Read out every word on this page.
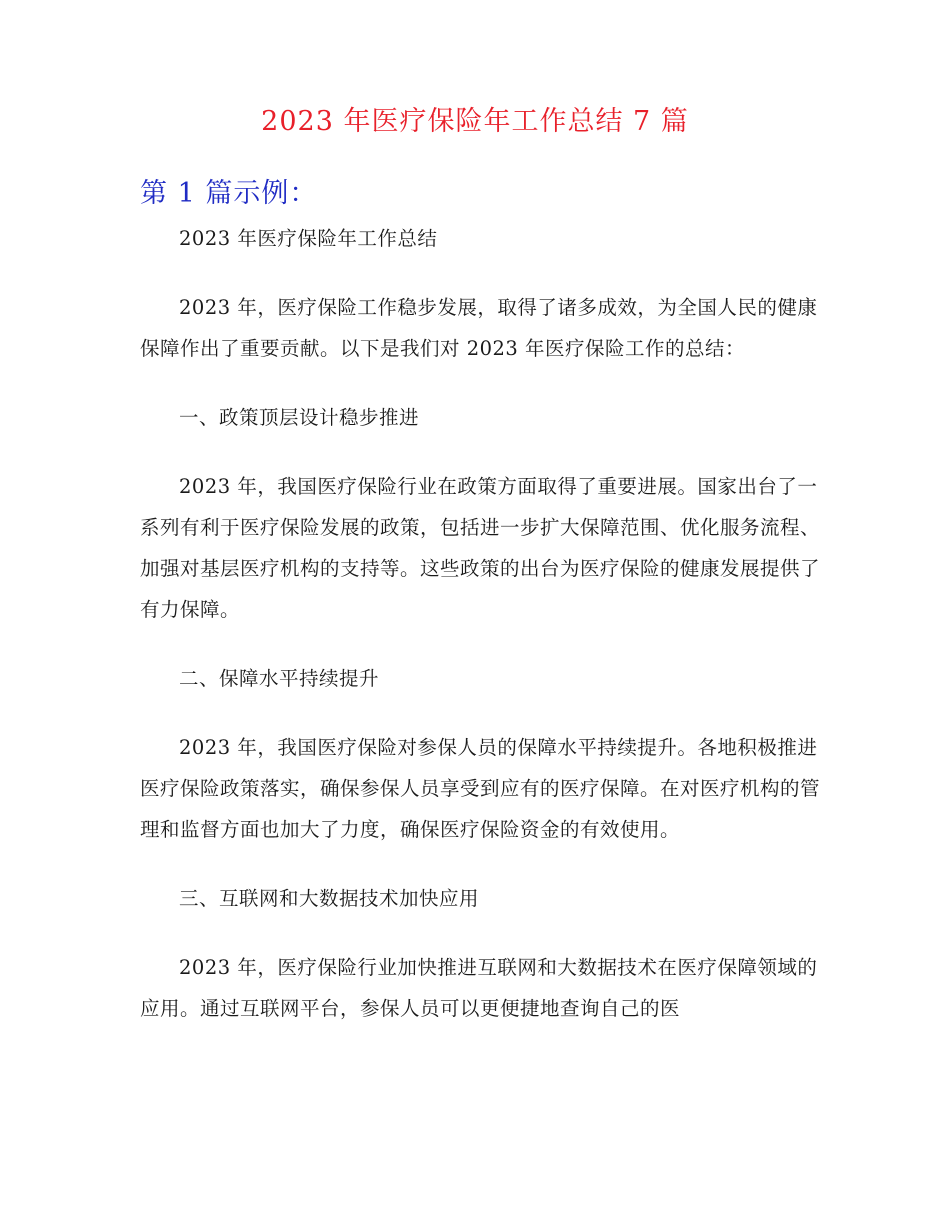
2023 年医疗保险年工作总结 7 篇
第 1 篇示例：

2023 年医疗保险年工作总结

2023 年，医疗保险工作稳步发展，取得了诸多成效，为全国人民的健康保障作出了重要贡献。以下是我们对 2023 年医疗保险工作的总结：

一、政策顶层设计稳步推进

2023 年，我国医疗保险行业在政策方面取得了重要进展。国家出台了一系列有利于医疗保险发展的政策，包括进一步扩大保障范围、优化服务流程、加强对基层医疗机构的支持等。这些政策的出台为医疗保险的健康发展提供了有力保障。

二、保障水平持续提升

2023 年，我国医疗保险对参保人员的保障水平持续提升。各地积极推进医疗保险政策落实，确保参保人员享受到应有的医疗保障。在对医疗机构的管理和监督方面也加大了力度，确保医疗保险资金的有效使用。

三、互联网和大数据技术加快应用

2023 年，医疗保险行业加快推进互联网和大数据技术在医疗保障领域的应用。通过互联网平台，参保人员可以更便捷地查询自己的医
